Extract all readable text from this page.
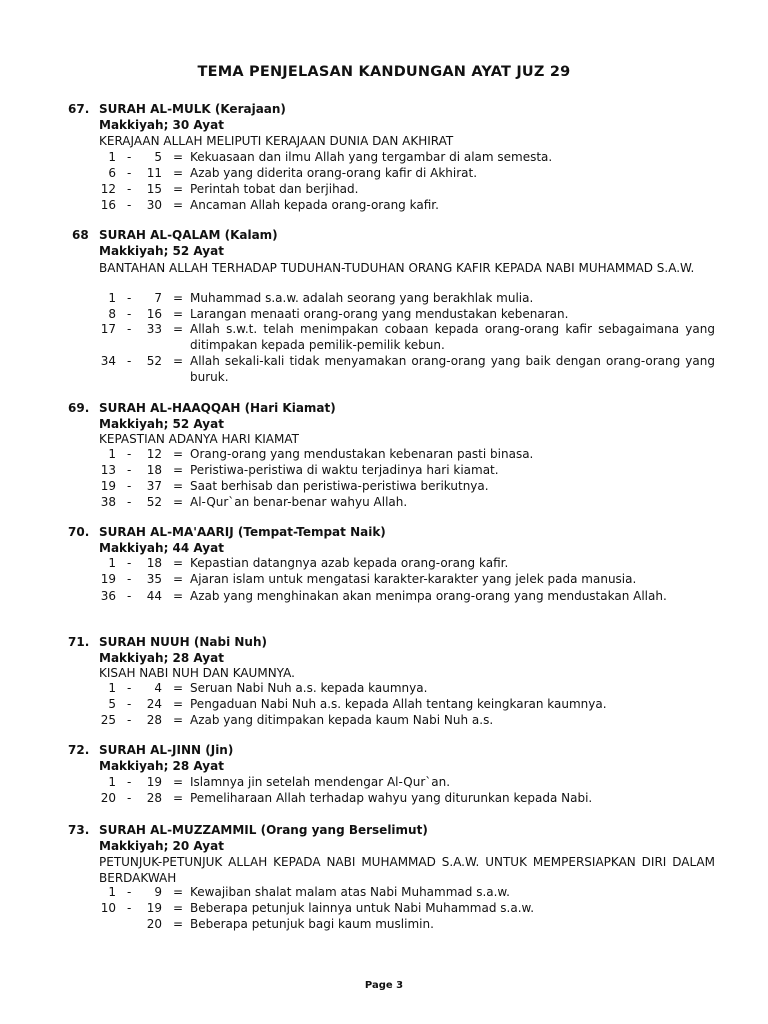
TEMA PENJELASAN KANDUNGAN AYAT JUZ 29
67. SURAH AL-MULK (Kerajaan)
Makkiyah; 30 Ayat
KERAJAAN ALLAH MELIPUTI KERAJAAN DUNIA DAN AKHIRAT
1 - 5 = Kekuasaan dan ilmu Allah yang tergambar di alam semesta.
6 - 11 = Azab yang diderita orang-orang kafir di Akhirat.
12 - 15 = Perintah tobat dan berjihad.
16 - 30 = Ancaman Allah kepada orang-orang kafir.
68 SURAH AL-QALAM (Kalam)
Makkiyah; 52 Ayat
BANTAHAN ALLAH TERHADAP TUDUHAN-TUDUHAN ORANG KAFIR KEPADA NABI MUHAMMAD S.A.W.
1 - 7 = Muhammad s.a.w. adalah seorang yang berakhlak mulia.
8 - 16 = Larangan menaati orang-orang yang mendustakan kebenaran.
17 - 33 = Allah s.w.t. telah menimpakan cobaan kepada orang-orang kafir sebagaimana yang ditimpakan kepada pemilik-pemilik kebun.
34 - 52 = Allah sekali-kali tidak menyamakan orang-orang yang baik dengan orang-orang yang buruk.
69. SURAH AL-HAAQQAH (Hari Kiamat)
Makkiyah; 52 Ayat
KEPASTIAN ADANYA HARI KIAMAT
1 - 12 = Orang-orang yang mendustakan kebenaran pasti binasa.
13 - 18 = Peristiwa-peristiwa di waktu terjadinya hari kiamat.
19 - 37 = Saat berhisab dan peristiwa-peristiwa berikutnya.
38 - 52 = Al-Qur`an benar-benar wahyu Allah.
70. SURAH AL-MA'AARIJ (Tempat-Tempat Naik)
Makkiyah; 44 Ayat
1 - 18 = Kepastian datangnya azab kepada orang-orang kafir.
19 - 35 = Ajaran islam untuk mengatasi karakter-karakter yang jelek pada manusia.
36 - 44 = Azab yang menghinakan akan menimpa orang-orang yang mendustakan Allah.
71. SURAH NUUH (Nabi Nuh)
Makkiyah; 28 Ayat
KISAH NABI NUH DAN KAUMNYA.
1 - 4 = Seruan Nabi Nuh a.s. kepada kaumnya.
5 - 24 = Pengaduan Nabi Nuh a.s. kepada Allah tentang keingkaran kaumnya.
25 - 28 = Azab yang ditimpakan kepada kaum Nabi Nuh a.s.
72. SURAH AL-JINN (Jin)
Makkiyah; 28 Ayat
1 - 19 = Islamnya jin setelah mendengar Al-Qur`an.
20 - 28 = Pemeliharaan Allah terhadap wahyu yang diturunkan kepada Nabi.
73. SURAH AL-MUZZAMMIL (Orang yang Berselimut)
Makkiyah; 20 Ayat
PETUNJUK-PETUNJUK ALLAH KEPADA NABI MUHAMMAD S.A.W. UNTUK MEMPERSIAPKAN DIRI DALAM BERDAKWAH
1 - 9 = Kewajiban shalat malam atas Nabi Muhammad s.a.w.
10 - 19 = Beberapa petunjuk lainnya untuk Nabi Muhammad s.a.w.
20 = Beberapa petunjuk bagi kaum muslimin.
Page 3
